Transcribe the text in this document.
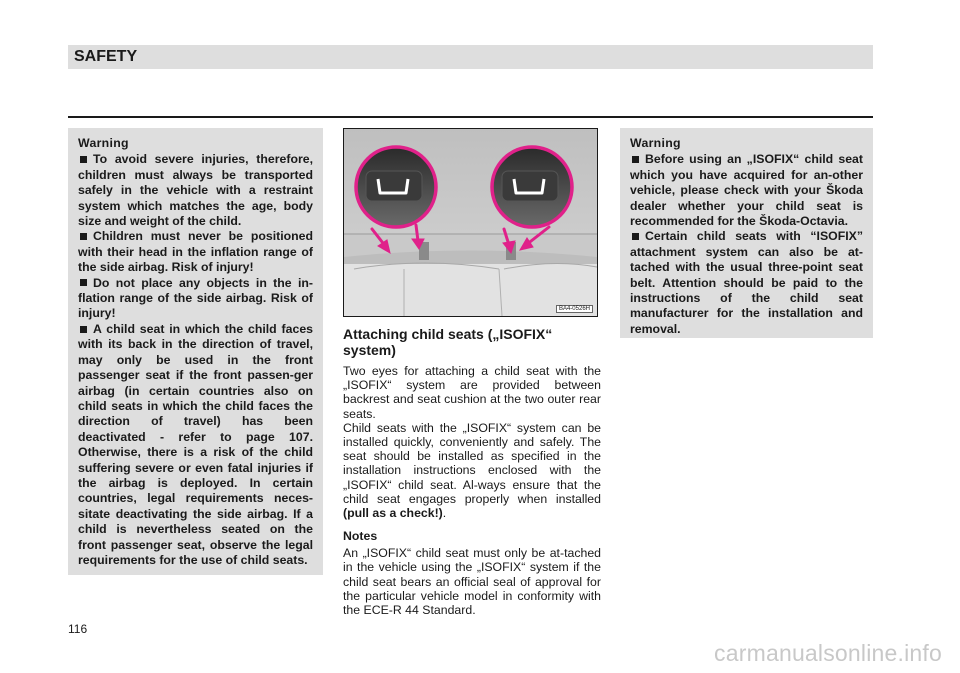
SAFETY
Warning
To avoid severe injuries, therefore, children must always be transported safely in the vehicle with a restraint system which matches the age, body size and weight of the child.
Children must never be positioned with their head in the inflation range of the side airbag. Risk of injury!
Do not place any objects in the in-flation range of the side airbag. Risk of injury!
A child seat in which the child faces with its back in the direction of travel, may only be used in the front passenger seat if the front passen-ger airbag (in certain countries also on child seats in which the child faces the direction of travel) has been deactivated - refer to page 107. Otherwise, there is a risk of the child suffering severe or even fatal injuries if the airbag is deployed. In certain countries, legal requirements neces-sitate deactivating the side airbag. If a child is nevertheless seated on the front passenger seat, observe the legal requirements for the use of child seats.
BA4-0526H
Attaching child seats („ISOFIX“ system)

Two eyes for attaching a child seat with the „ISOFIX“ system are provided between backrest and seat cushion at the two outer rear seats.

Child seats with the „ISOFIX“ system can be installed quickly, conveniently and safely. The seat should be installed as specified in the installation instructions enclosed with the „ISOFIX“ child seat. Al-ways ensure that the child seat engages properly when installed (pull as a check!).

Notes

An „ISOFIX“ child seat must only be at-tached in the vehicle using the „ISOFIX“ system if the child seat bears an official seal of approval for the particular vehicle model in conformity with the ECE-R 44 Standard.

Warning
Before using an „ISOFIX“ child seat which you have acquired for an-other vehicle, please check with your Škoda dealer whether your child seat is recommended for the Škoda-Octavia.
Certain child seats with “ISOFIX” attachment system can also be at-tached with the usual three-point seat belt. Attention should be paid to the instructions of the child seat manufacturer for the installation and removal.
116
carmanualsonline.info
